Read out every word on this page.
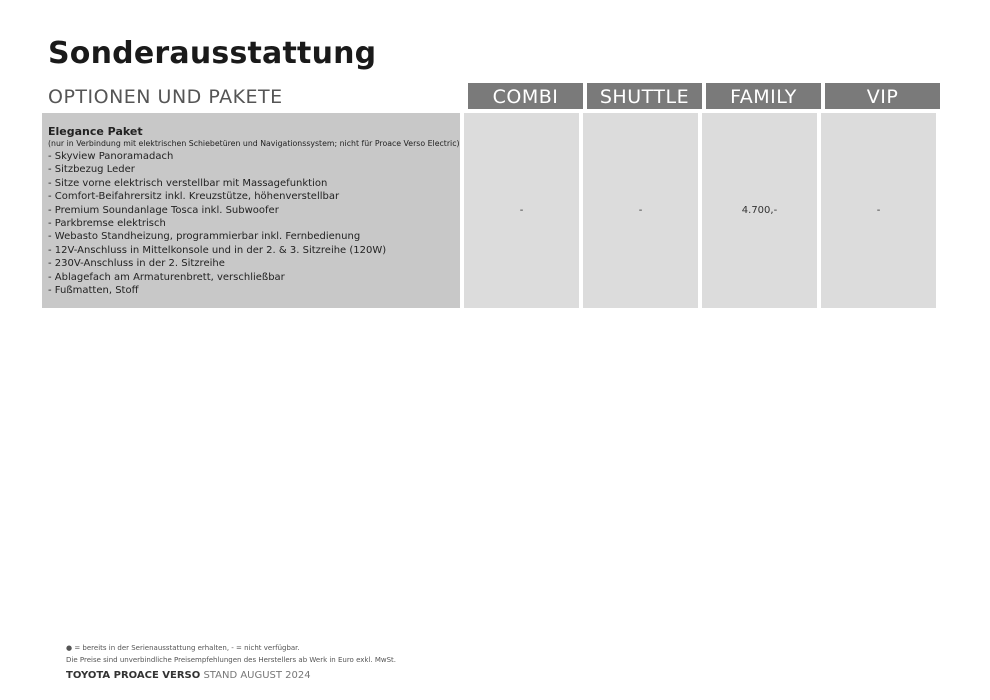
Sonderausstattung
OPTIONEN UND PAKETE	COMBI	SHUTTLE	FAMILY	VIP
Elegance Paket
(nur in Verbindung mit elektrischen Schiebetüren und Navigationssystem; nicht für Proace Verso Electric)
- Skyview Panoramadach
- Sitzbezug Leder
- Sitze vorne elektrisch verstellbar mit Massagefunktion
- Comfort-Beifahrersitz inkl. Kreuzstütze, höhenverstellbar
- Premium Soundanlage Tosca inkl. Subwoofer
- Parkbremse elektrisch
- Webasto Standheizung, programmierbar inkl. Fernbedienung
- 12V-Anschluss in Mittelkonsole und in der 2. & 3. Sitzreihe (120W)
- 230V-Anschluss in der 2. Sitzreihe
- Ablagefach am Armaturenbrett, verschließbar
- Fußmatten, Stoff
-	-	4.700,-	-
● = bereits in der Serienausstattung erhalten, - = nicht verfügbar.
Die Preise sind unverbindliche Preisempfehlungen des Herstellers ab Werk in Euro exkl. MwSt.
TOYOTA PROACE VERSO STAND AUGUST 2024
